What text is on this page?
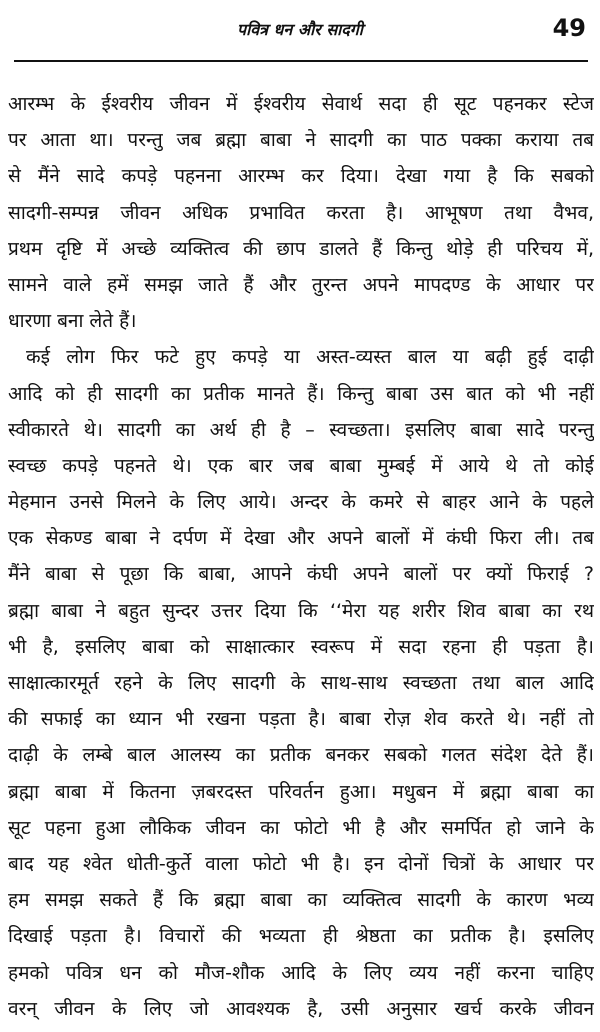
पवित्र धन और सादगी	49
आरम्भ के ईश्वरीय जीवन में ईश्वरीय सेवार्थ सदा ही सूट पहनकर स्टेज
पर आता था। परन्तु जब ब्रह्मा बाबा ने सादगी का पाठ पक्का कराया तब
से मैंने सादे कपड़े पहनना आरम्भ कर दिया। देखा गया है कि सबको
सादगी-सम्पन्न जीवन अधिक प्रभावित करता है। आभूषण तथा वैभव,
प्रथम दृष्टि में अच्छे व्यक्तित्व की छाप डालते हैं किन्तु थोड़े ही परिचय में,
सामने वाले हमें समझ जाते हैं और तुरन्त अपने मापदण्ड के आधार पर
धारणा बना लेते हैं।
कई लोग फिर फटे हुए कपड़े या अस्त-व्यस्त बाल या बढ़ी हुई दाढ़ी
आदि को ही सादगी का प्रतीक मानते हैं। किन्तु बाबा उस बात को भी नहीं
स्वीकारते थे। सादगी का अर्थ ही है – स्वच्छता। इसलिए बाबा सादे परन्तु
स्वच्छ कपड़े पहनते थे। एक बार जब बाबा मुम्बई में आये थे तो कोई
मेहमान उनसे मिलने के लिए आये। अन्दर के कमरे से बाहर आने के पहले
एक सेकण्ड बाबा ने दर्पण में देखा और अपने बालों में कंघी फिरा ली। तब
मैंने बाबा से पूछा कि बाबा, आपने कंघी अपने बालों पर क्यों फिराई ?
ब्रह्मा बाबा ने बहुत सुन्दर उत्तर दिया कि ‘‘मेरा यह शरीर शिव बाबा का रथ
भी है, इसलिए बाबा को साक्षात्कार स्वरूप में सदा रहना ही पड़ता है।
साक्षात्कारमूर्त रहने के लिए सादगी के साथ-साथ स्वच्छता तथा बाल आदि
की सफाई का ध्यान भी रखना पड़ता है। बाबा रोज़ शेव करते थे। नहीं तो
दाढ़ी के लम्बे बाल आलस्य का प्रतीक बनकर सबको गलत संदेश देते हैं।
ब्रह्मा बाबा में कितना ज़बरदस्त परिवर्तन हुआ। मधुबन में ब्रह्मा बाबा का
सूट पहना हुआ लौकिक जीवन का फोटो भी है और समर्पित हो जाने के
बाद यह श्वेत धोती-कुर्ते वाला फोटो भी है। इन दोनों चित्रों के आधार पर
हम समझ सकते हैं कि ब्रह्मा बाबा का व्यक्तित्व सादगी के कारण भव्य
दिखाई पड़ता है। विचारों की भव्यता ही श्रेष्ठता का प्रतीक है। इसलिए
हमको पवित्र धन को मौज-शौक आदि के लिए व्यय नहीं करना चाहिए
वरन् जीवन के लिए जो आवश्यक है, उसी अनुसार खर्च करके जीवन
